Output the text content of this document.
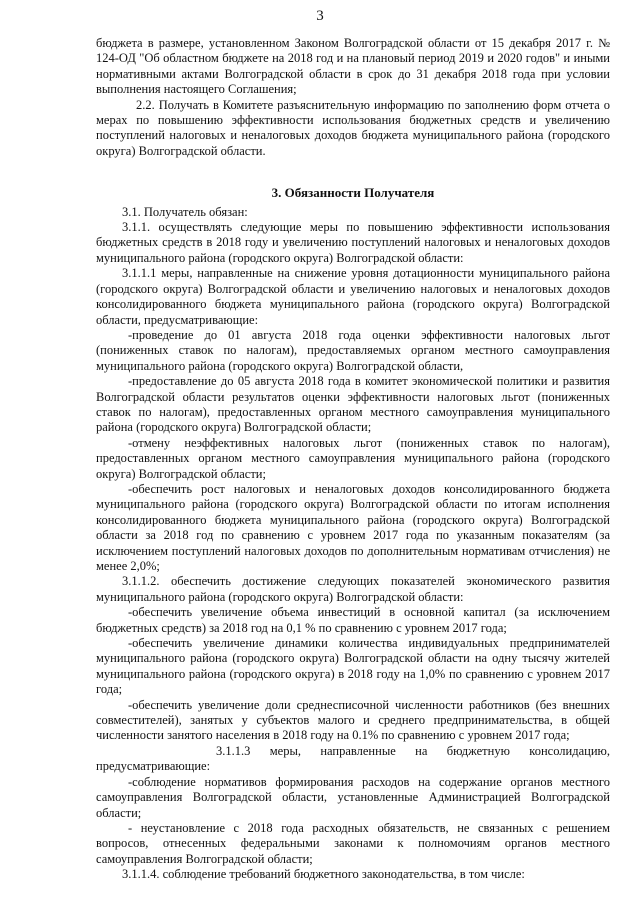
3

бюджета в размере, установленном Законом Волгоградской области от 15 декабря 2017 г. № 124-ОД "Об областном бюджете на 2018 год и на плановый период 2019 и 2020 годов" и иными нормативными актами Волгоградской области в срок до 31 декабря 2018 года при условии выполнения настоящего Соглашения;

2.2. Получать в Комитете разъяснительную информацию по заполнению форм отчета о мерах по повышению эффективности использования бюджетных средств и увеличению поступлений налоговых и неналоговых доходов бюджета муниципального района (городского округа) Волгоградской области.

3. Обязанности Получателя

3.1. Получатель обязан:

3.1.1. осуществлять следующие меры по повышению эффективности использования бюджетных средств в 2018 году и увеличению поступлений налоговых и неналоговых доходов муниципального района (городского округа) Волгоградской области:

3.1.1.1 меры, направленные на снижение уровня дотационности муниципального района (городского округа) Волгоградской области и увеличению налоговых и неналоговых доходов консолидированного бюджета муниципального района (городского округа) Волгоградской области, предусматривающие:

-проведение до 01 августа 2018 года оценки эффективности налоговых льгот (пониженных ставок по налогам), предоставляемых органом местного самоуправления муниципального района (городского округа) Волгоградской области,

-предоставление до 05 августа 2018 года в комитет экономической политики и развития Волгоградской области результатов оценки эффективности налоговых льгот (пониженных ставок по налогам), предоставленных органом местного самоуправления муниципального района (городского округа) Волгоградской области;

-отмену неэффективных налоговых льгот (пониженных ставок по налогам), предоставленных органом местного самоуправления муниципального района (городского округа) Волгоградской области;

-обеспечить рост налоговых и неналоговых доходов консолидированного бюджета муниципального района (городского округа) Волгоградской области по итогам исполнения консолидированного бюджета муниципального района (городского округа) Волгоградской области за 2018 год по сравнению с уровнем 2017 года по указанным показателям (за исключением поступлений налоговых доходов по дополнительным нормативам отчисления) не менее 2,0%;

3.1.1.2. обеспечить достижение следующих показателей экономического развития муниципального района (городского округа) Волгоградской области:

-обеспечить увеличение объема инвестиций в основной капитал (за исключением бюджетных средств) за 2018 год на 0,1 % по сравнению с уровнем 2017 года;

-обеспечить увеличение динамики количества индивидуальных предпринимателей муниципального района (городского округа) Волгоградской области на одну тысячу жителей муниципального района (городского округа) в 2018 году на 1,0% по сравнению с уровнем 2017 года;

-обеспечить увеличение доли среднесписочной численности работников (без внешних совместителей), занятых у субъектов малого и среднего предпринимательства, в общей численности занятого населения в 2018 году на 0.1% по сравнению с уровнем 2017 года;

3.1.1.3 меры, направленные на бюджетную консолидацию, предусматривающие:

-соблюдение нормативов формирования расходов на содержание органов местного самоуправления Волгоградской области, установленные Администрацией Волгоградской области;

- неустановление с 2018 года расходных обязательств, не связанных с решением вопросов, отнесенных федеральными законами к полномочиям органов местного самоуправления Волгоградской области;

3.1.1.4. соблюдение требований бюджетного законодательства, в том числе:
